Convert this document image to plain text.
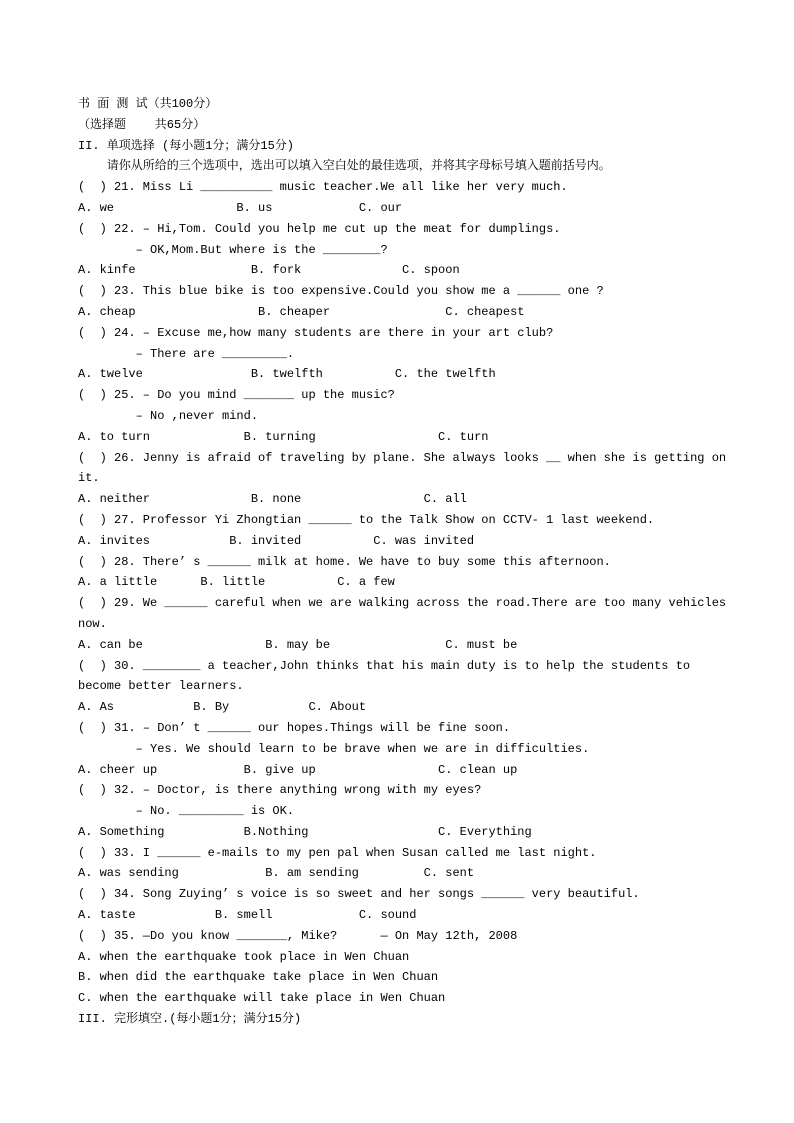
书 面 测 试（共100分）
（选择题    共65分）
II. 单项选择 (每小题1分；满分15分)
请你从所给的三个选项中，选出可以填入空白处的最佳选项，并将其字母标号填入题前括号内。
(  ) 21. Miss Li __________ music teacher.We all like her very much.
A. we                 B. us            C. our
(  ) 22. – Hi,Tom. Could you help me cut up the meat for dumplings.
– OK,Mom.But where is the ________?
A. kinfe                B. fork              C. spoon
(  ) 23. This blue bike is too expensive.Could you show me a ______ one ?
A. cheap                 B. cheaper                C. cheapest
(  ) 24. – Excuse me,how many students are there in your art club?
– There are _________.
A. twelve               B. twelfth          C. the twelfth
(  ) 25. – Do you mind _______ up the music?
– No ,never mind.
A. to turn             B. turning                 C. turn
(  ) 26. Jenny is afraid of traveling by plane. She always looks __ when she is getting on
it.
A. neither              B. none                 C. all
(  ) 27. Professor Yi Zhongtian ______ to the Talk Show on CCTV- 1 last weekend.
A. invites           B. invited          C. was invited
(  ) 28. There’ s ______ milk at home. We have to buy some this afternoon.
A. a little      B. little          C. a few
(  ) 29. We ______ careful when we are walking across the road.There are too many vehicles
now.
A. can be                 B. may be                C. must be
(  ) 30. ________ a teacher,John thinks that his main duty is to help the students to
become better learners.
A. As           B. By           C. About
(  ) 31. – Don’ t ______ our hopes.Things will be fine soon.
– Yes. We should learn to be brave when we are in difficulties.
A. cheer up            B. give up                 C. clean up
(  ) 32. – Doctor, is there anything wrong with my eyes?
– No. _________ is OK.
A. Something           B.Nothing                  C. Everything
(  ) 33. I ______ e-mails to my pen pal when Susan called me last night.
A. was sending            B. am sending         C. sent
(  ) 34. Song Zuying’ s voice is so sweet and her songs ______ very beautiful.
A. taste           B. smell            C. sound
(  ) 35. —Do you know _______, Mike?      — On May 12th, 2008
A. when the earthquake took place in Wen Chuan
B. when did the earthquake take place in Wen Chuan
C. when the earthquake will take place in Wen Chuan
III. 完形填空.(每小题1分；满分15分)
